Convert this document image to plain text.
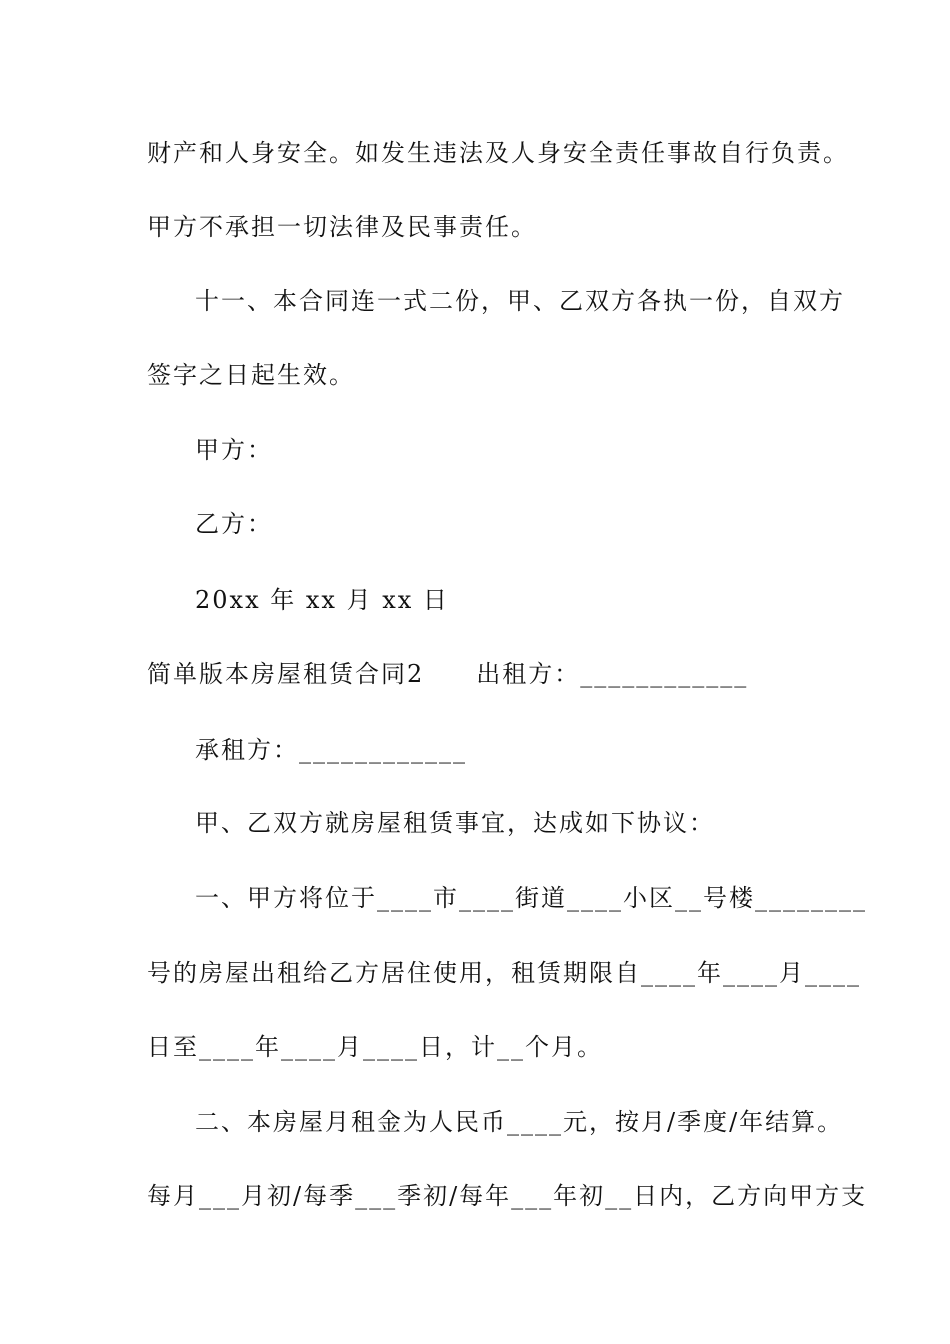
财产和人身安全。如发生违法及人身安全责任事故自行负责。
甲方不承担一切法律及民事责任。
十一、本合同连一式二份，甲、乙双方各执一份，自双方
签字之日起生效。
甲方：
乙方：
20xx 年 xx 月 xx 日
简单版本房屋租赁合同2　　出租方：____________
承租方：____________
甲、乙双方就房屋租赁事宜，达成如下协议：
一、甲方将位于____市____街道____小区__号楼________
号的房屋出租给乙方居住使用，租赁期限自____年____月____
日至____年____月____日，计__个月。
二、本房屋月租金为人民币____元，按月/季度/年结算。
每月___月初/每季___季初/每年___年初__日内，乙方向甲方支
